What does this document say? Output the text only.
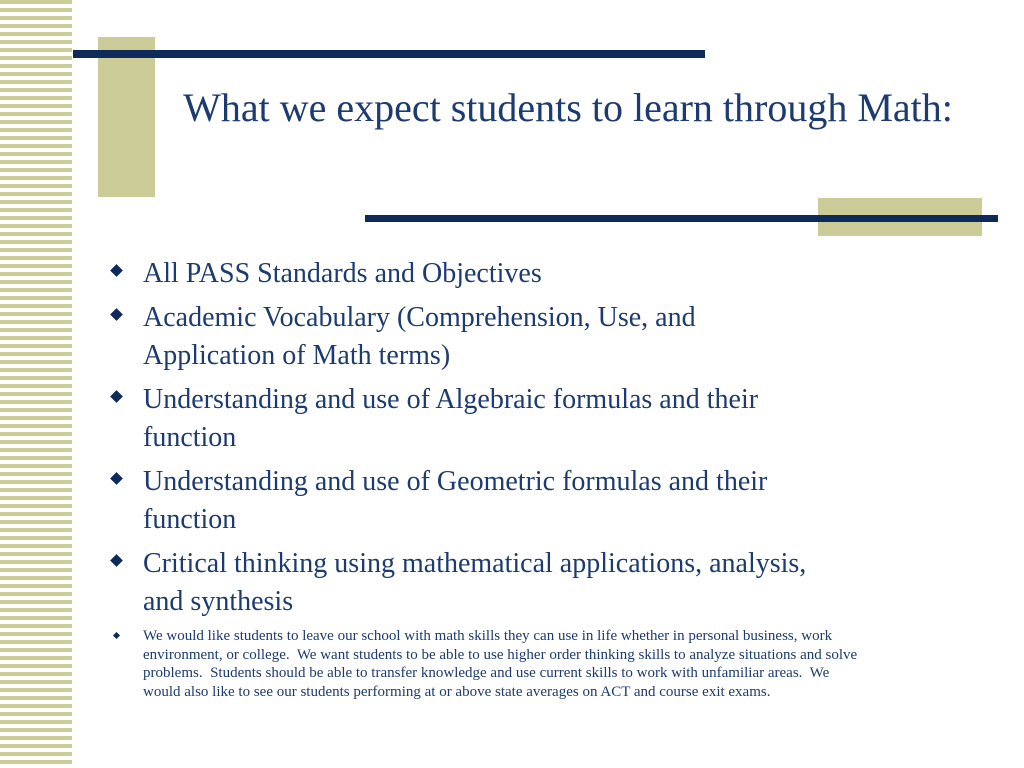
What we expect students to learn through Math:
All PASS Standards and Objectives
Academic Vocabulary (Comprehension, Use, and
Application of Math terms)
Understanding and use of Algebraic formulas and their
function
Understanding and use of Geometric formulas and their
function
Critical thinking using mathematical applications, analysis,
and synthesis
We would like students to leave our school with math skills they can use in life whether in personal business, work
environment, or college.  We want students to be able to use higher order thinking skills to analyze situations and solve
problems.  Students should be able to transfer knowledge and use current skills to work with unfamiliar areas.  We
would also like to see our students performing at or above state averages on ACT and course exit exams.
